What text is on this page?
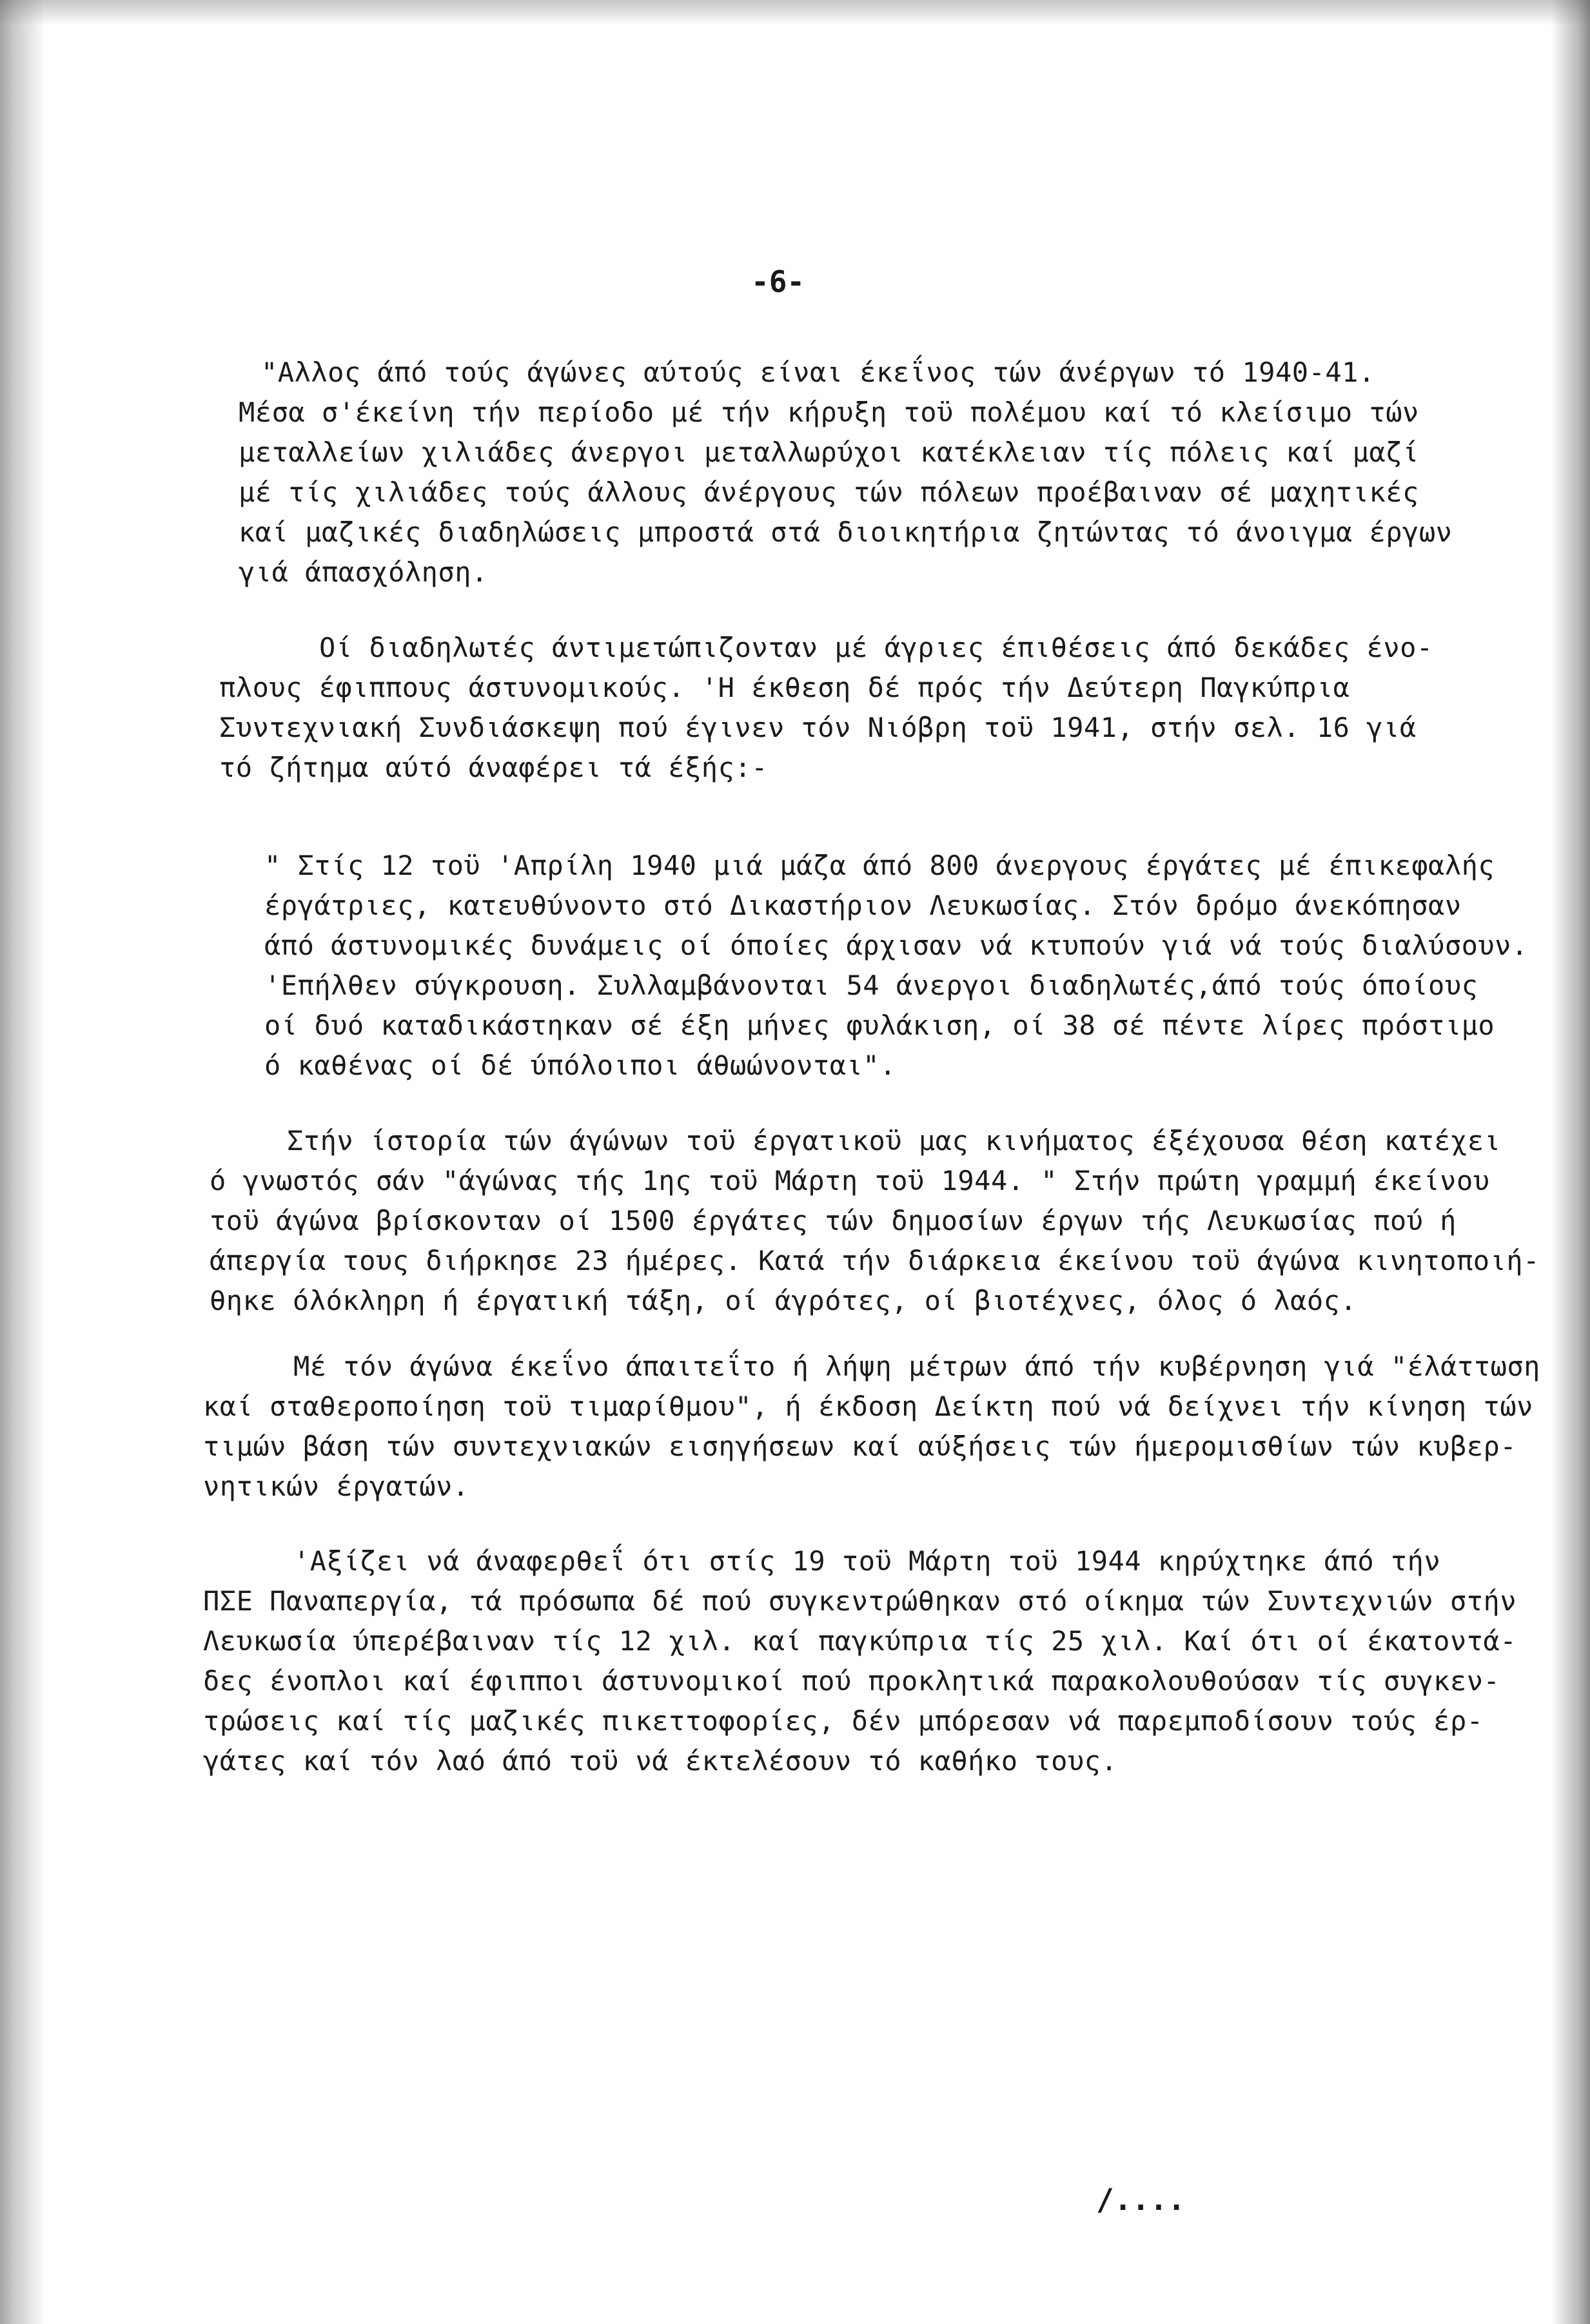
-6-
"Αλλος άπό τούς άγώνες αύτούς είναι έκεΐνος τών άνέργων τό 1940-41.
Μέσα σ'έκείνη τήν περίοδο μέ τήν κήρυξη τοϋ πολέμου καί τό κλείσιμο τών
μεταλλείων χιλιάδες άνεργοι μεταλλωρύχοι κατέκλειαν τίς πόλεις καί μαζί
μέ τίς χιλιάδες τούς άλλους άνέργους τών πόλεων προέβαιναν σέ μαχητικές
καί μαζικές διαδηλώσεις μπροστά στά διοικητήρια ζητώντας τό άνοιγμα έργων
γιά άπασχόληση.
Οί διαδηλωτές άντιμετώπιζονταν μέ άγριες έπιθέσεις άπό δεκάδες ένο-
πλους έφιππους άστυνομικούς. 'Η έκθεση δέ πρός τήν Δεύτερη Παγκύπρια
Συντεχνιακή Συνδιάσκεψη πού έγινεν τόν Νιόβρη τοϋ 1941, στήν σελ. 16 γιά
τό ζήτημα αύτό άναφέρει τά έξής:-
" Στίς 12 τοϋ 'Απρίλη 1940 μιά μάζα άπό 800 άνεργους έργάτες μέ έπικεφαλής
έργάτριες, κατευθύνοντο στό Δικαστήριον Λευκωσίας. Στόν δρόμο άνεκόπησαν
άπό άστυνομικές δυνάμεις οί όποίες άρχισαν νά κτυπούν γιά νά τούς διαλύσουν.
'Επήλθεν σύγκρουση. Συλλαμβάνονται 54 άνεργοι διαδηλωτές,άπό τούς όποίους
οί δυό καταδικάστηκαν σέ έξη μήνες φυλάκιση, οί 38 σέ πέντε λίρες πρόστιμο
ό καθένας οί δέ ύπόλοιποι άθωώνονται".
Στήν ίστορία τών άγώνων τοϋ έργατικοϋ μας κινήματος έξέχουσα θέση κατέχει
ό γνωστός σάν "άγώνας τής 1ης τοϋ Μάρτη τοϋ 1944. " Στήν πρώτη γραμμή έκείνου
τοϋ άγώνα βρίσκονταν οί 1500 έργάτες τών δημοσίων έργων τής Λευκωσίας πού ή
άπεργία τους διήρκησε 23 ήμέρες. Κατά τήν διάρκεια έκείνου τοϋ άγώνα κινητοποιή-
θηκε όλόκληρη ή έργατική τάξη, οί άγρότες, οί βιοτέχνες, όλος ό λαός.
Μέ τόν άγώνα έκεΐνο άπαιτεΐτο ή λήψη μέτρων άπό τήν κυβέρνηση γιά "έλάττωση
καί σταθεροποίηση τοϋ τιμαρίθμου", ή έκδοση Δείκτη πού νά δείχνει τήν κίνηση τών
τιμών βάση τών συντεχνιακών εισηγήσεων καί αύξήσεις τών ήμερομισθίων τών κυβερ-
νητικών έργατών.
'Αξίζει νά άναφερθεΐ ότι στίς 19 τοϋ Μάρτη τοϋ 1944 κηρύχτηκε άπό τήν
ΠΣΕ Παναπεργία, τά πρόσωπα δέ πού συγκεντρώθηκαν στό οίκημα τών Συντεχνιών στήν
Λευκωσία ύπερέβαιναν τίς 12 χιλ. καί παγκύπρια τίς 25 χιλ. Καί ότι οί έκατοντά-
δες ένοπλοι καί έφιπποι άστυνομικοί πού προκλητικά παρακολουθούσαν τίς συγκεν-
τρώσεις καί τίς μαζικές πικεττοφορίες, δέν μπόρεσαν νά παρεμποδίσουν τούς έρ-
γάτες καί τόν λαό άπό τοϋ νά έκτελέσουν τό καθήκο τους.
/....
